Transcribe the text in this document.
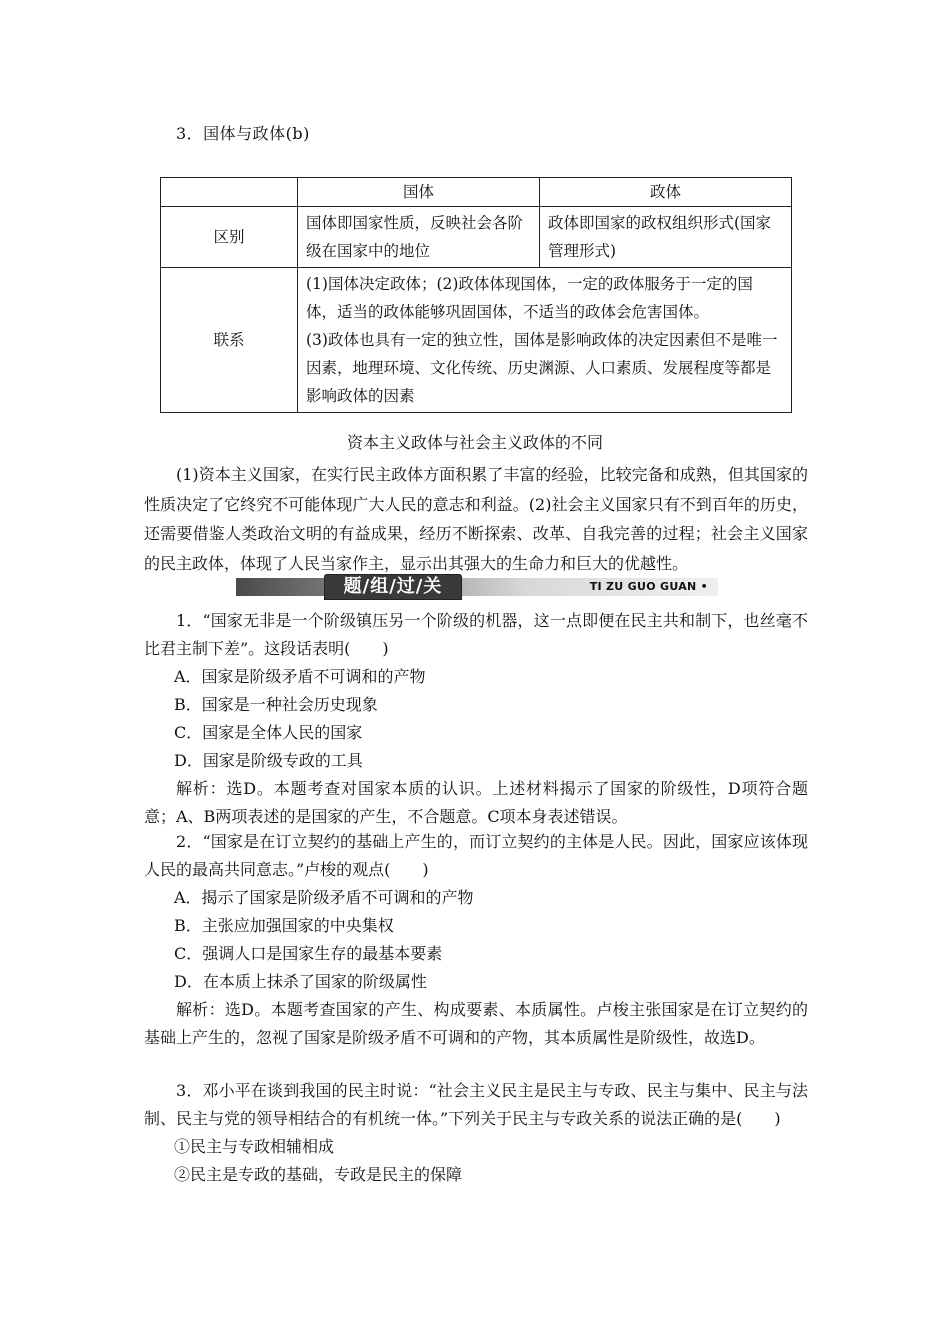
3．国体与政体(b)
	国体	政体
区别	国体即国家性质，反映社会各阶级在国家中的地位	政体即国家的政权组织形式(国家管理形式)
联系	(1)国体决定政体；(2)政体体现国体，一定的政体服务于一定的国体，适当的政体能够巩固国体，不适当的政体会危害国体。
(3)政体也具有一定的独立性，国体是影响政体的决定因素但不是唯一因素，地理环境、文化传统、历史渊源、人口素质、发展程度等都是影响政体的因素	
资本主义政体与社会主义政体的不同
(1)资本主义国家，在实行民主政体方面积累了丰富的经验，比较完备和成熟，但其国家的性质决定了它终究不可能体现广大人民的意志和利益。(2)社会主义国家只有不到百年的历史，还需要借鉴人类政治文明的有益成果，经历不断探索、改革、自我完善的过程；社会主义国家的民主政体，体现了人民当家作主，显示出其强大的生命力和巨大的优越性。
题/组/过/关	TI ZU GUO GUAN •
1．“国家无非是一个阶级镇压另一个阶级的机器，这一点即便在民主共和制下，也丝毫不比君主制下差”。这段话表明(　　)
A．国家是阶级矛盾不可调和的产物
B．国家是一种社会历史现象
C．国家是全体人民的国家
D．国家是阶级专政的工具
解析：选D。本题考查对国家本质的认识。上述材料揭示了国家的阶级性，D项符合题意；A、B两项表述的是国家的产生，不合题意。C项本身表述错误。
2．“国家是在订立契约的基础上产生的，而订立契约的主体是人民。因此，国家应该体现人民的最高共同意志。”卢梭的观点(　　)
A．揭示了国家是阶级矛盾不可调和的产物
B．主张应加强国家的中央集权
C．强调人口是国家生存的最基本要素
D．在本质上抹杀了国家的阶级属性
解析：选D。本题考查国家的产生、构成要素、本质属性。卢梭主张国家是在订立契约的基础上产生的，忽视了国家是阶级矛盾不可调和的产物，其本质属性是阶级性，故选D。
3．邓小平在谈到我国的民主时说：“社会主义民主是民主与专政、民主与集中、民主与法制、民主与党的领导相结合的有机统一体。”下列关于民主与专政关系的说法正确的是(　　)
①民主与专政相辅相成
②民主是专政的基础，专政是民主的保障
